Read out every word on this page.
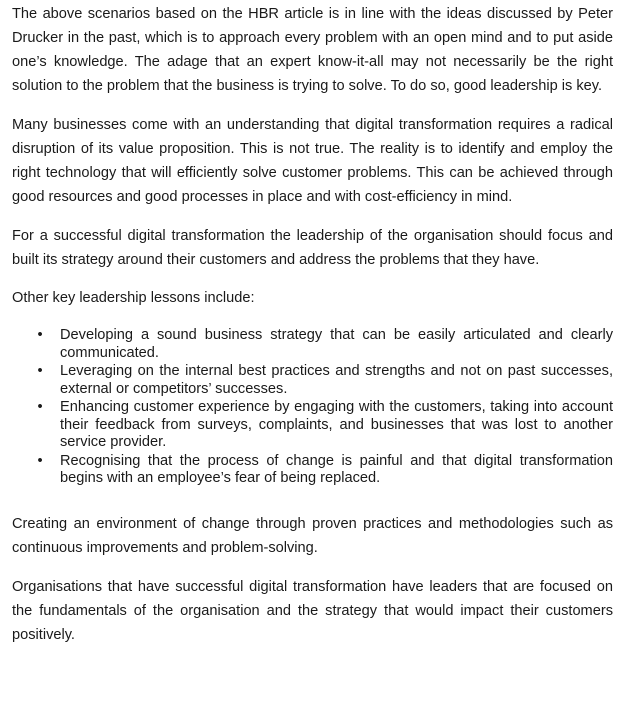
The above scenarios based on the HBR article is in line with the ideas discussed by Peter Drucker in the past, which is to approach every problem with an open mind and to put aside one’s knowledge. The adage that an expert know-it-all may not necessarily be the right solution to the problem that the business is trying to solve. To do so, good leadership is key.

Many businesses come with an understanding that digital transformation requires a radical disruption of its value proposition. This is not true. The reality is to identify and employ the right technology that will efficiently solve customer problems. This can be achieved through good resources and good processes in place and with cost-efficiency in mind.

For a successful digital transformation the leadership of the organisation should focus and built its strategy around their customers and address the problems that they have.

Other key leadership lessons include:

• Developing a sound business strategy that can be easily articulated and clearly communicated.
• Leveraging on the internal best practices and strengths and not on past successes, external or competitors’ successes.
• Enhancing customer experience by engaging with the customers, taking into account their feedback from surveys, complaints, and businesses that was lost to another service provider.
• Recognising that the process of change is painful and that digital transformation begins with an employee’s fear of being replaced.

Creating an environment of change through proven practices and methodologies such as continuous improvements and problem-solving.

Organisations that have successful digital transformation have leaders that are focused on the fundamentals of the organisation and the strategy that would impact their customers positively.
